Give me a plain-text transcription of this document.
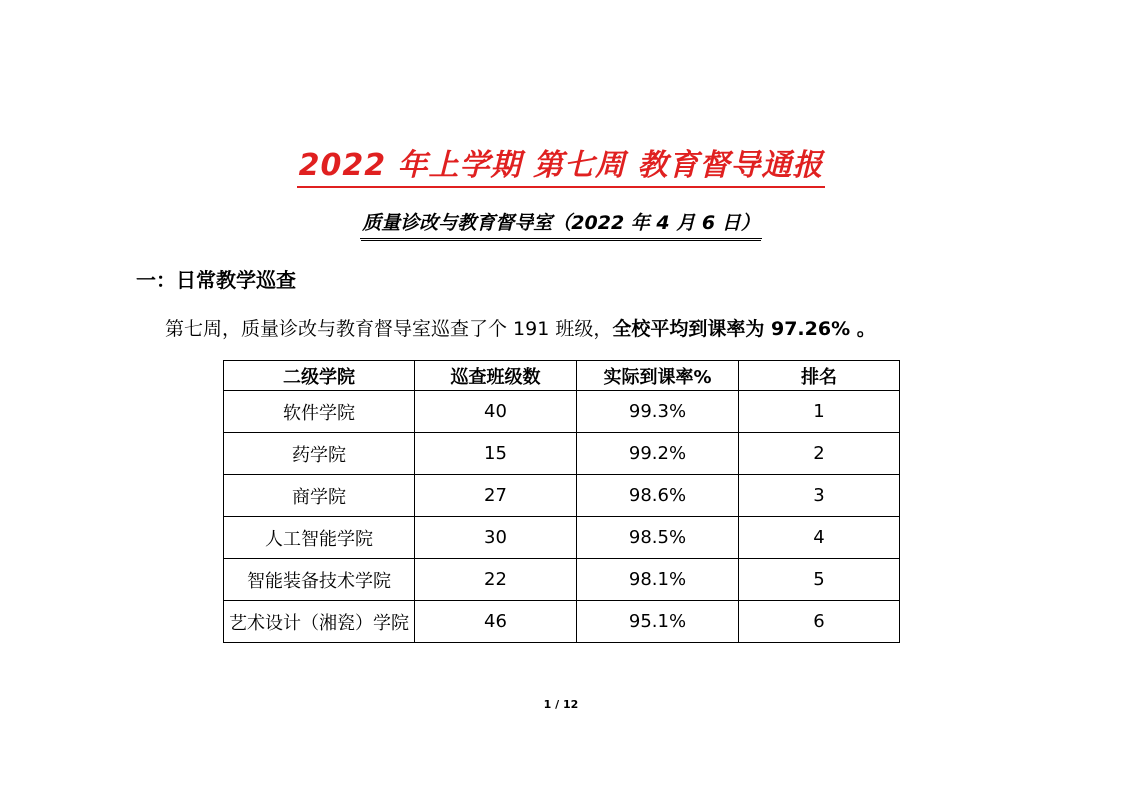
2022 年上学期 第七周 教育督导通报
质量诊改与教育督导室（2022 年 4 月 6 日）
一：日常教学巡查
第七周，质量诊改与教育督导室巡查了个 191 班级，全校平均到课率为 97.26% 。
二级学院	巡查班级数	实际到课率%	排名
软件学院	40	99.3%	1
药学院	15	99.2%	2
商学院	27	98.6%	3
人工智能学院	30	98.5%	4
智能装备技术学院	22	98.1%	5
艺术设计（湘瓷）学院	46	95.1%	6
1 / 12
